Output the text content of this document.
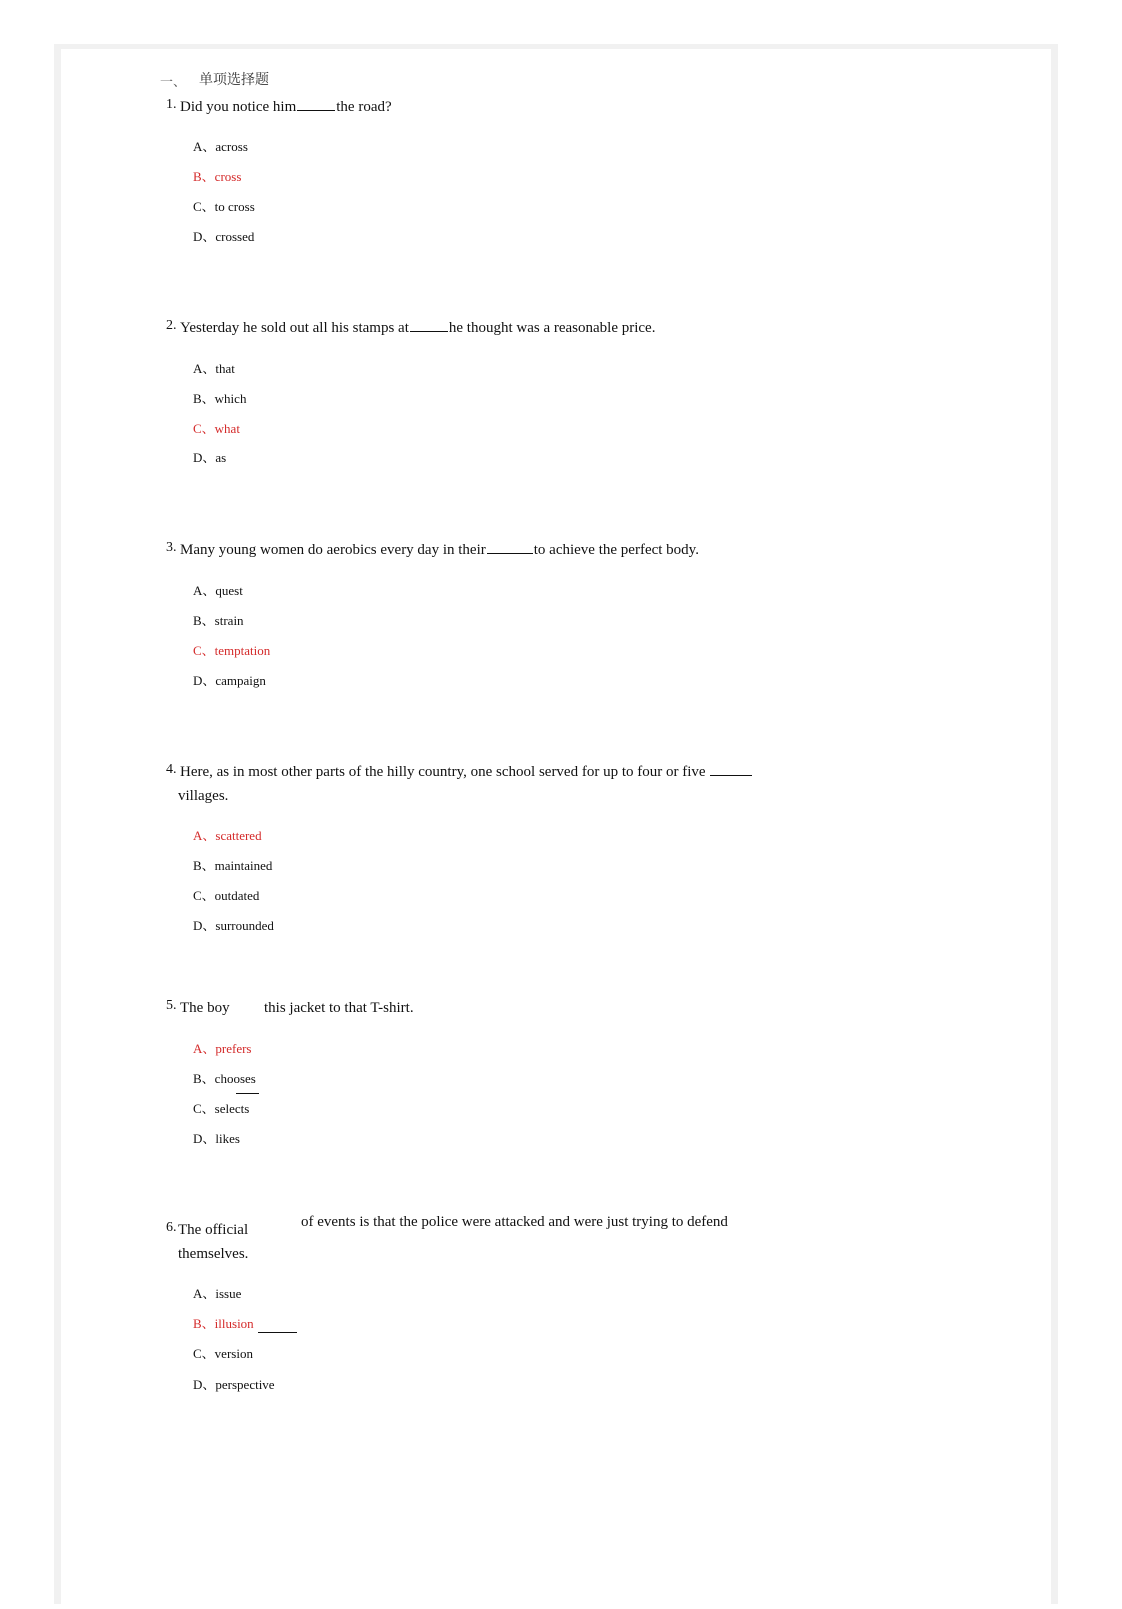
一、 单项选择题
1. Did you notice him	the road?
A、across
B、cross
C、to cross
D、crossed
2. Yesterday he sold out all his stamps at	he thought was a reasonable price.
A、that
B、which
C、what
D、as
3. Many young women do aerobics every day in their	to achieve the perfect body.
A、quest
B、strain
C、temptation
D、campaign
4. Here, as in most other parts of the hilly country, one school served for up to four or five
villages.
A、scattered
B、maintained
C、outdated
D、surrounded
5. The boy this jacket to that T-shirt.
A、prefers
B、chooses
C、selects
D、likes
of events is that the police were attacked and were just trying to defend
6. The official
themselves.
A、issue
B、illusion
C、version
D、perspective
